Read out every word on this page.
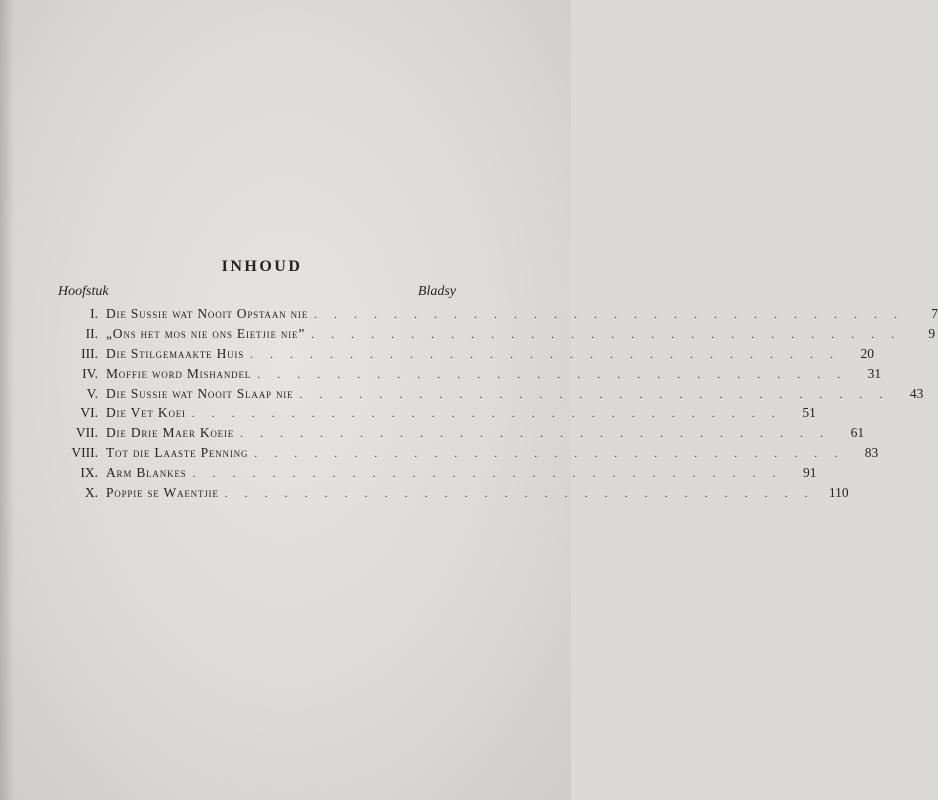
INHOUD
Hoofstuk	Bladsy
I. Die Sussie wat Nooit Opstaan nie . . . . . . . . . . . . . . . . . . . . . . . . . . . . . .	7
II. „Ons het mos nie ons Eietjie nie” . . . . . . . . . . . . . . . . . . . . . . . . . . . . . .	9
III. Die Stilgemaakte Huis . . . . . . . . . . . . . . . . . . . . . . . . . . . . . .	20
IV. Moffie word Mishandel . . . . . . . . . . . . . . . . . . . . . . . . . . . . . .	31
V. Die Sussie wat Nooit Slaap nie . . . . . . . . . . . . . . . . . . . . . . . . . . . . . .	43
VI. Die Vet Koei . . . . . . . . . . . . . . . . . . . . . . . . . . . . . .	51
VII. Die Drie Maer Koeie . . . . . . . . . . . . . . . . . . . . . . . . . . . . . .	61
VIII. Tot die Laaste Penning . . . . . . . . . . . . . . . . . . . . . . . . . . . . . .	83
IX. Arm Blankes . . . . . . . . . . . . . . . . . . . . . . . . . . . . . .	91
X. Poppie se Waentjie . . . . . . . . . . . . . . . . . . . . . . . . . . . . . .	110
